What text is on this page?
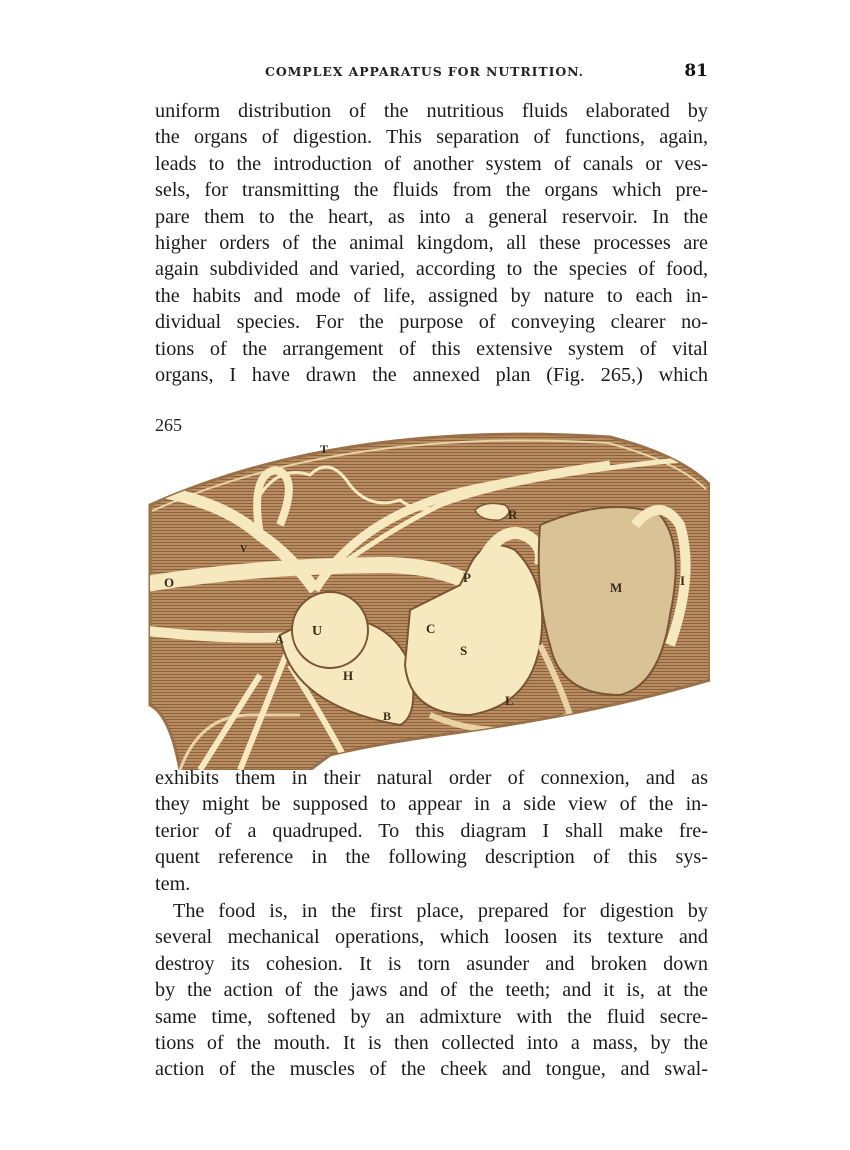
COMPLEX APPARATUS FOR NUTRITION.	81
uniform distribution of the nutritious fluids elaborated by
the organs of digestion. This separation of functions, again,
leads to the introduction of another system of canals or ves-
sels, for transmitting the fluids from the organs which pre-
pare them to the heart, as into a general reservoir. In the
higher orders of the animal kingdom, all these processes are
again subdivided and varied, according to the species of food,
the habits and mode of life, assigned by nature to each in-
dividual species. For the purpose of conveying clearer no-
tions of the arrangement of this extensive system of vital
organs, I have drawn the annexed plan (Fig. 265,) which
T
R
O
V
P	I
M
L
U
A
C
S
H
B
265
exhibits them in their natural order of connexion, and as
they might be supposed to appear in a side view of the in-
terior of a quadruped. To this diagram I shall make fre-
quent reference in the following description of this sys-
tem.
The food is, in the first place, prepared for digestion by
several mechanical operations, which loosen its texture and
destroy its cohesion. It is torn asunder and broken down
by the action of the jaws and of the teeth; and it is, at the
same time, softened by an admixture with the fluid secre-
tions of the mouth. It is then collected into a mass, by the
action of the muscles of the cheek and tongue, and swal-
